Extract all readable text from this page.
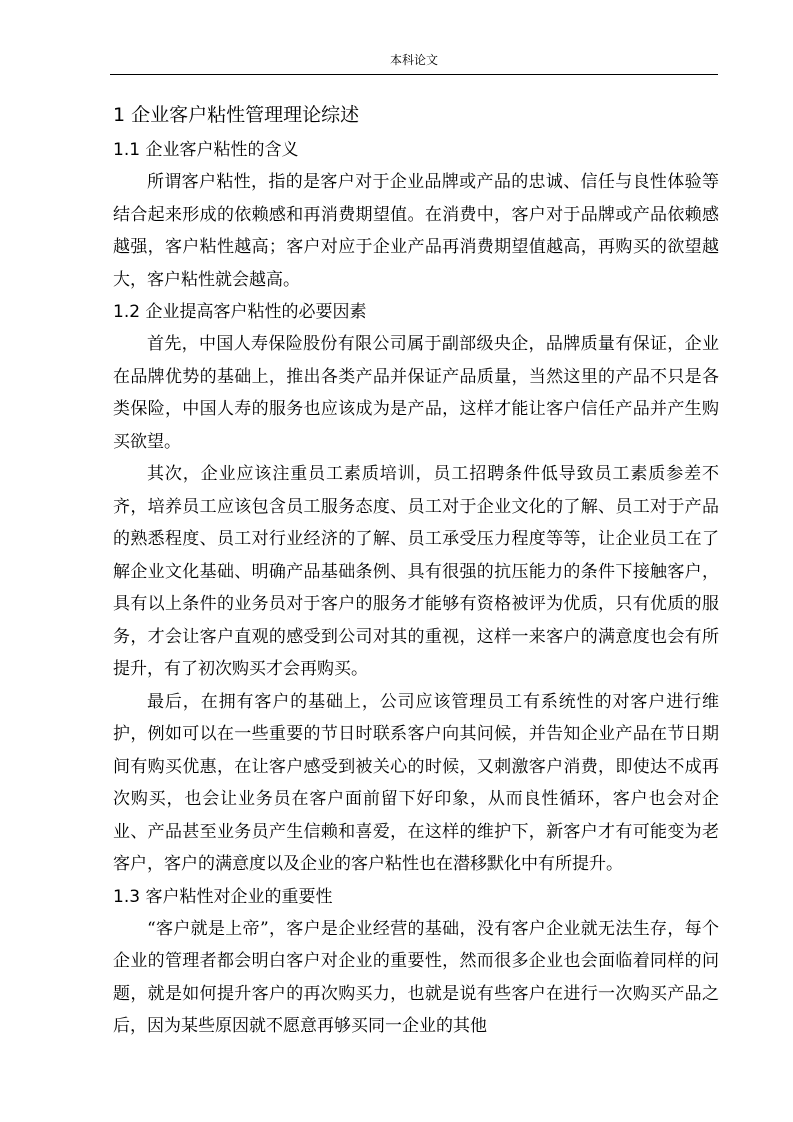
本科论文
1 企业客户粘性管理理论综述
1.1 企业客户粘性的含义

所谓客户粘性，指的是客户对于企业品牌或产品的忠诚、信任与良性体验等结合起来形成的依赖感和再消费期望值。在消费中，客户对于品牌或产品依赖感越强，客户粘性越高；客户对应于企业产品再消费期望值越高，再购买的欲望越大，客户粘性就会越高。

1.2 企业提高客户粘性的必要因素

首先，中国人寿保险股份有限公司属于副部级央企，品牌质量有保证，企业在品牌优势的基础上，推出各类产品并保证产品质量，当然这里的产品不只是各类保险，中国人寿的服务也应该成为是产品，这样才能让客户信任产品并产生购买欲望。

其次，企业应该注重员工素质培训，员工招聘条件低导致员工素质参差不齐，培养员工应该包含员工服务态度、员工对于企业文化的了解、员工对于产品的熟悉程度、员工对行业经济的了解、员工承受压力程度等等，让企业员工在了解企业文化基础、明确产品基础条例、具有很强的抗压能力的条件下接触客户，具有以上条件的业务员对于客户的服务才能够有资格被评为优质，只有优质的服务，才会让客户直观的感受到公司对其的重视，这样一来客户的满意度也会有所提升，有了初次购买才会再购买。

最后，在拥有客户的基础上，公司应该管理员工有系统性的对客户进行维护，例如可以在一些重要的节日时联系客户向其问候，并告知企业产品在节日期间有购买优惠，在让客户感受到被关心的时候，又刺激客户消费，即使达不成再次购买，也会让业务员在客户面前留下好印象，从而良性循环，客户也会对企业、产品甚至业务员产生信赖和喜爱，在这样的维护下，新客户才有可能变为老客户，客户的满意度以及企业的客户粘性也在潜移默化中有所提升。

1.3 客户粘性对企业的重要性

“客户就是上帝”，客户是企业经营的基础，没有客户企业就无法生存，每个企业的管理者都会明白客户对企业的重要性，然而很多企业也会面临着同样的问题，就是如何提升客户的再次购买力，也就是说有些客户在进行一次购买产品之后，因为某些原因就不愿意再够买同一企业的其他
